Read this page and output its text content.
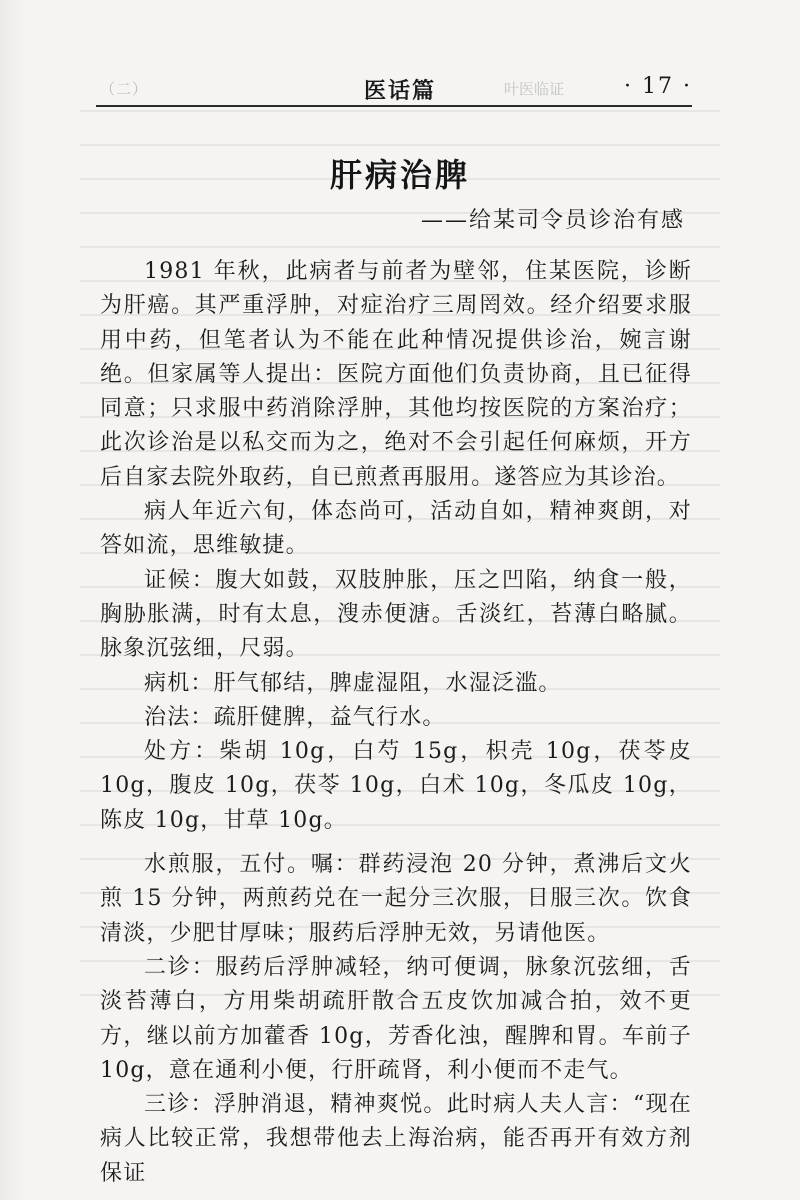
（二）	医话篇	叶医临证	· 17 ·
肝病治脾
——给某司令员诊治有感

1981 年秋，此病者与前者为壁邻，住某医院，诊断为肝癌。其严重浮肿，对症治疗三周罔效。经介绍要求服用中药，但笔者认为不能在此种情况提供诊治，婉言谢绝。但家属等人提出：医院方面他们负责协商，且已征得同意；只求服中药消除浮肿，其他均按医院的方案治疗；此次诊治是以私交而为之，绝对不会引起任何麻烦，开方后自家去院外取药，自已煎煮再服用。遂答应为其诊治。

病人年近六旬，体态尚可，活动自如，精神爽朗，对答如流，思维敏捷。

证候：腹大如鼓，双肢肿胀，压之凹陷，纳食一般，胸胁胀满，时有太息，溲赤便溏。舌淡红，苔薄白略腻。脉象沉弦细，尺弱。

病机：肝气郁结，脾虚湿阻，水湿泛滥。

治法：疏肝健脾，益气行水。

处方：柴胡 10g，白芍 15g，枳壳 10g，茯苓皮 10g，腹皮 10g，茯苓 10g，白术 10g，冬瓜皮 10g，陈皮 10g，甘草 10g。

水煎服，五付。嘱：群药浸泡 20 分钟，煮沸后文火煎 15 分钟，两煎药兑在一起分三次服，日服三次。饮食清淡，少肥甘厚味；服药后浮肿无效，另请他医。

二诊：服药后浮肿减轻，纳可便调，脉象沉弦细，舌淡苔薄白，方用柴胡疏肝散合五皮饮加减合拍，效不更方，继以前方加藿香 10g，芳香化浊，醒脾和胃。车前子 10g，意在通利小便，行肝疏肾，利小便而不走气。

三诊：浮肿消退，精神爽悦。此时病人夫人言：“现在病人比较正常，我想带他去上海治病，能否再开有效方剂保证
